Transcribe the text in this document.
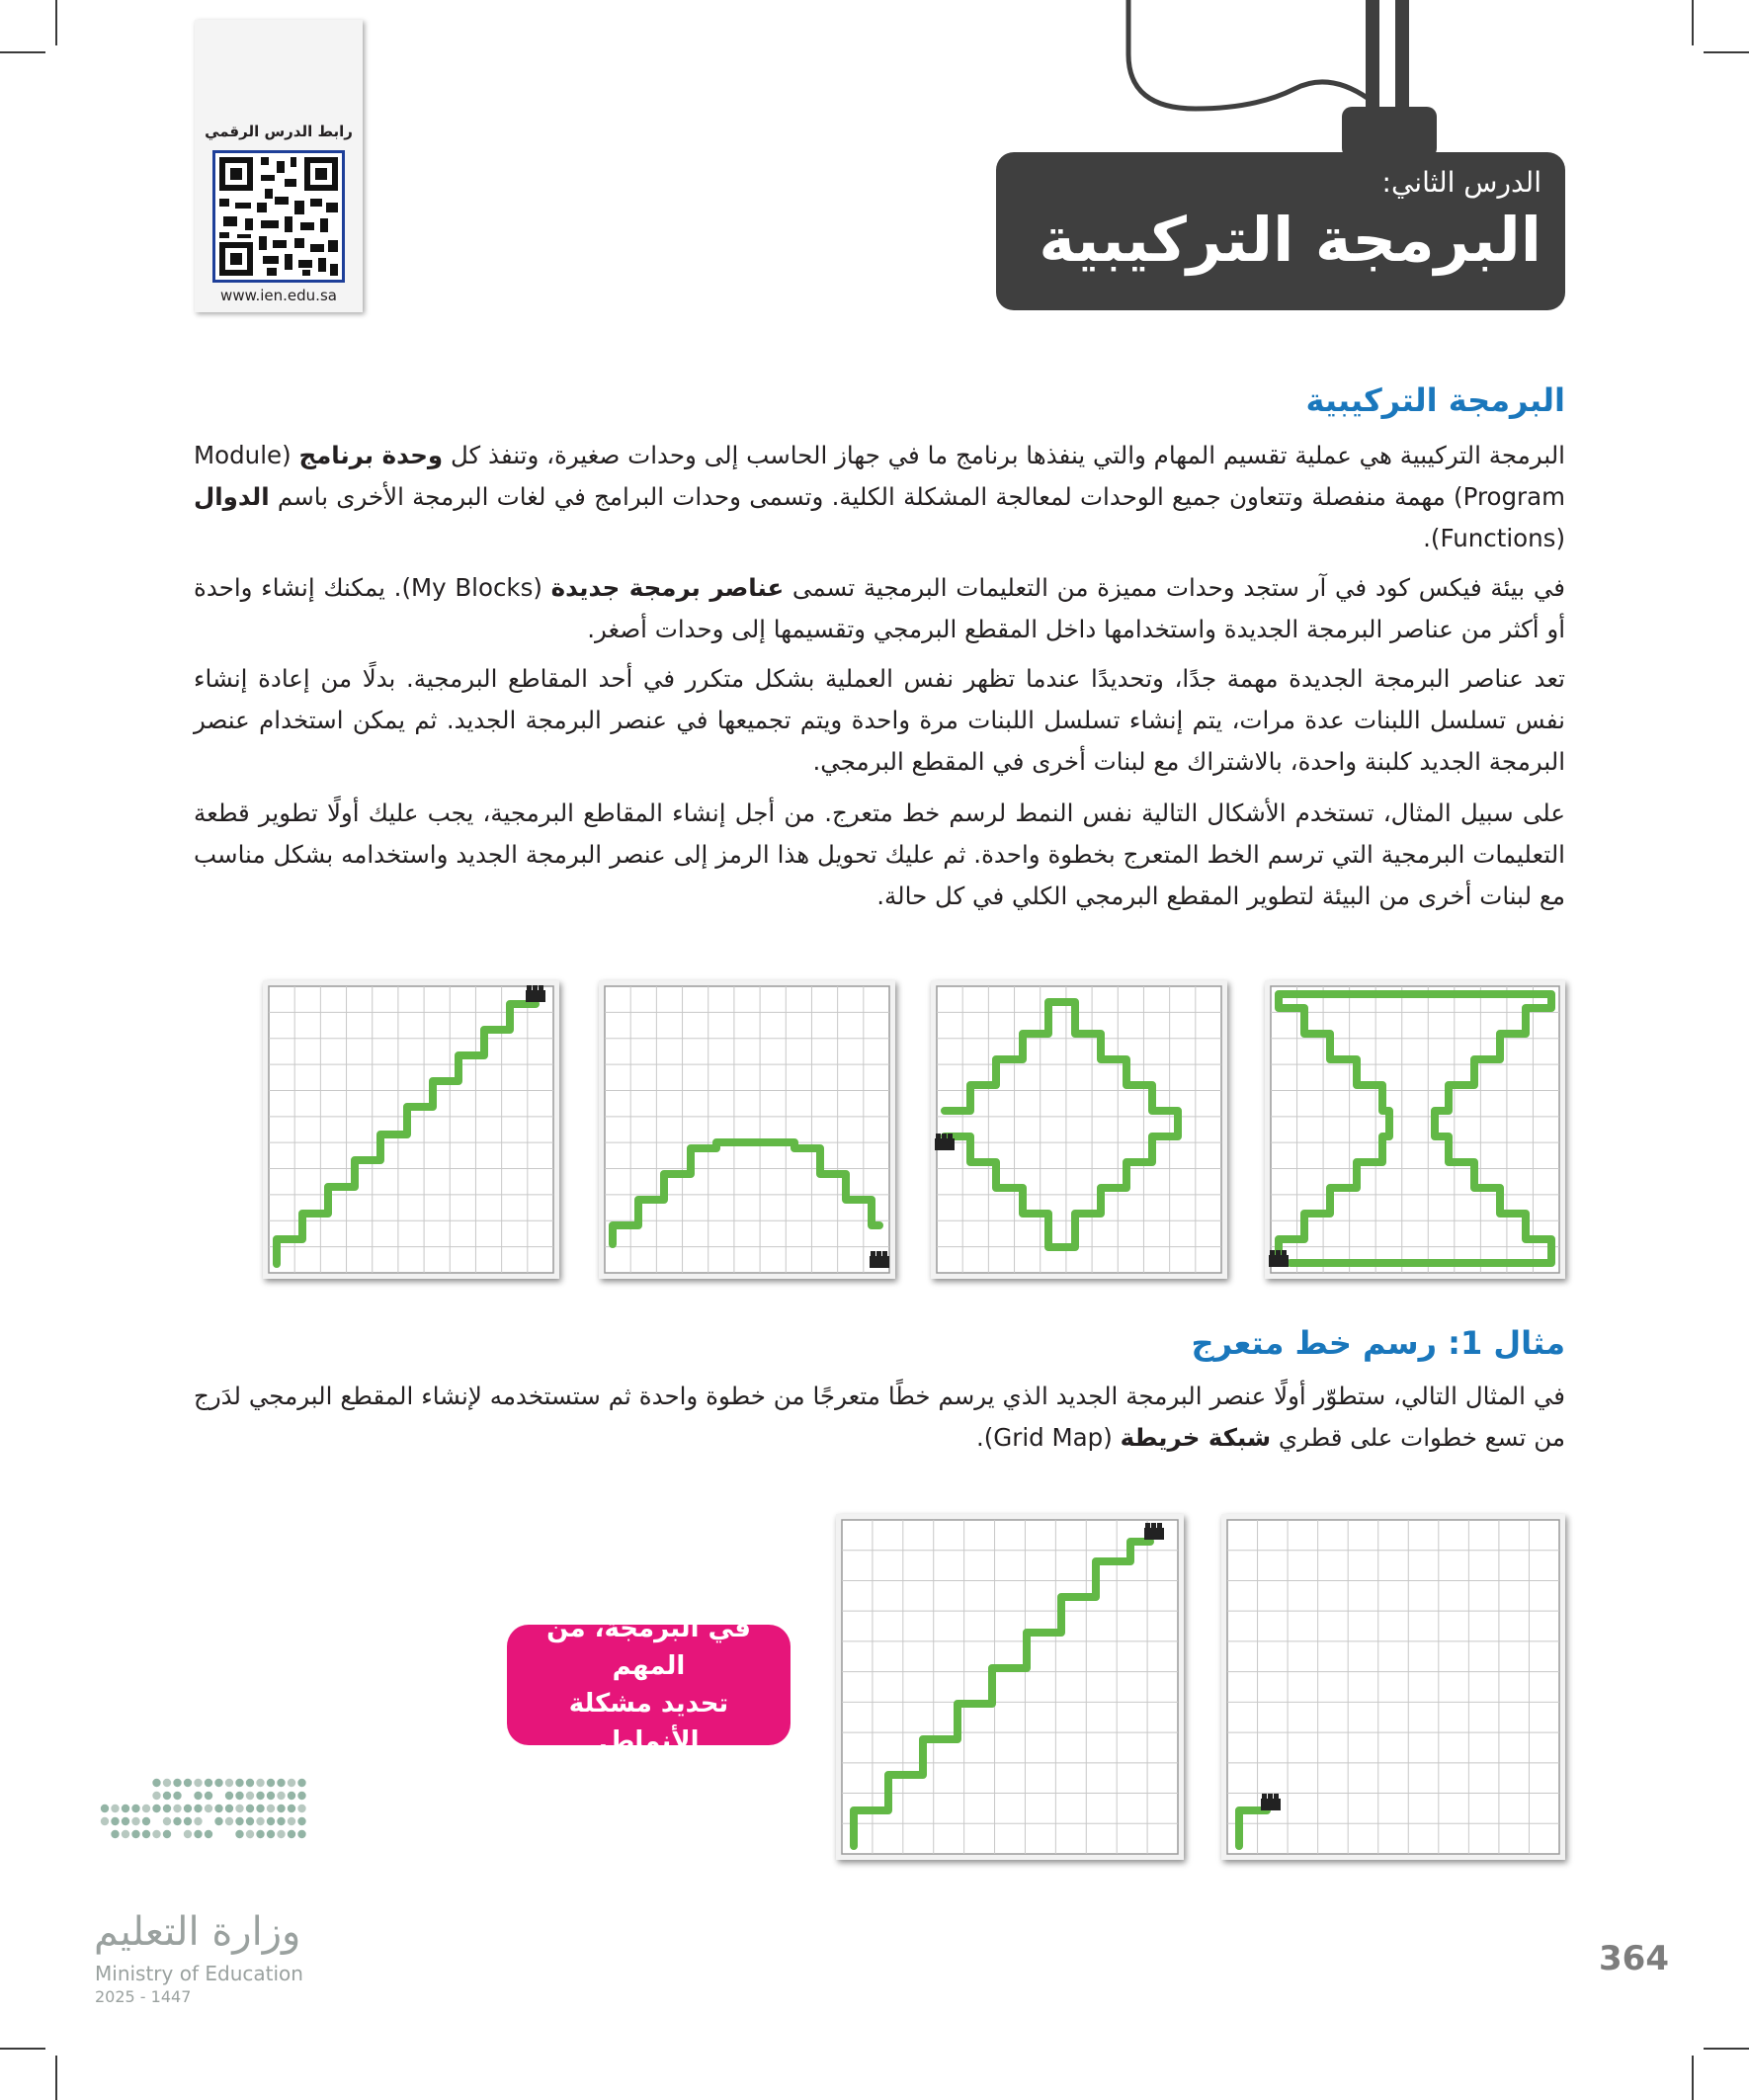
رابط الدرس الرقمي
www.ien.edu.sa
الدرس الثاني:
البرمجة التركيبية
البرمجة التركيبية
البرمجة التركيبية هي عملية تقسيم المهام والتي ينفذها برنامج ما في جهاز الحاسب إلى وحدات صغيرة، وتنفذ كل وحدة برنامج (Module Program) مهمة منفصلة وتتعاون جميع الوحدات لمعالجة المشكلة الكلية. وتسمى وحدات البرامج في لغات البرمجة الأخرى باسم الدوال (Functions).
في بيئة فيكس كود في آر ستجد وحدات مميزة من التعليمات البرمجية تسمى عناصر برمجة جديدة (My Blocks). يمكنك إنشاء واحدة أو أكثر من عناصر البرمجة الجديدة واستخدامها داخل المقطع البرمجي وتقسيمها إلى وحدات أصغر.
تعد عناصر البرمجة الجديدة مهمة جدًا، وتحديدًا عندما تظهر نفس العملية بشكل متكرر في أحد المقاطع البرمجية. بدلًا من إعادة إنشاء نفس تسلسل اللبنات عدة مرات، يتم إنشاء تسلسل اللبنات مرة واحدة ويتم تجميعها في عنصر البرمجة الجديد. ثم يمكن استخدام عنصر البرمجة الجديد كلبنة واحدة، بالاشتراك مع لبنات أخرى في المقطع البرمجي.
على سبيل المثال، تستخدم الأشكال التالية نفس النمط لرسم خط متعرج. من أجل إنشاء المقاطع البرمجية، يجب عليك أولًا تطوير قطعة التعليمات البرمجية التي ترسم الخط المتعرج بخطوة واحدة. ثم عليك تحويل هذا الرمز إلى عنصر البرمجة الجديد واستخدامه بشكل مناسب مع لبنات أخرى من البيئة لتطوير المقطع البرمجي الكلي في كل حالة.
مثال 1: رسم خط متعرج
في المثال التالي، ستطوّر أولًا عنصر البرمجة الجديد الذي يرسم خطًا متعرجًا من خطوة واحدة ثم ستستخدمه لإنشاء المقطع البرمجي لدَرج من تسع خطوات على قطري شبكة خريطة (Grid Map).
في البرمجة، من المهم
تحديد مشكلة الأنماط.
وزارة التعليم
Ministry of Education
2025 - 1447
364
